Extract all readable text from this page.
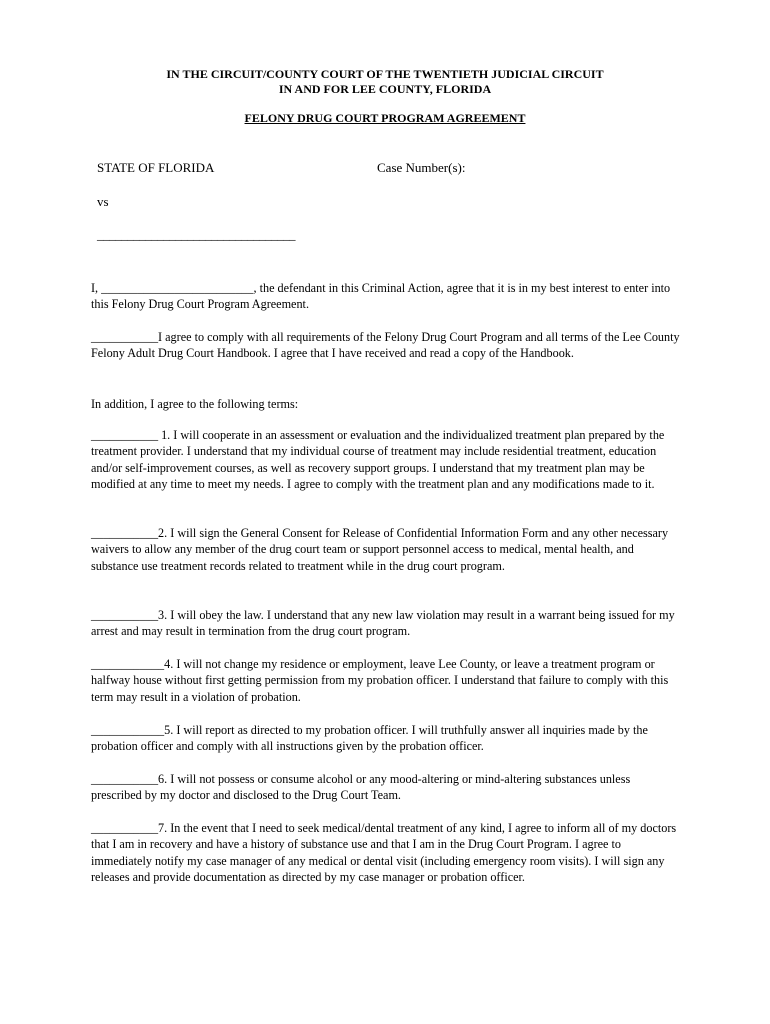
IN THE CIRCUIT/COUNTY COURT OF THE TWENTIETH JUDICIAL CIRCUIT
IN AND FOR LEE COUNTY, FLORIDA
FELONY DRUG COURT PROGRAM AGREEMENT
STATE OF FLORIDA	Case Number(s):
vs
_________________________________

I, _________________________, the defendant in this Criminal Action, agree that it is in my best interest to enter into this Felony Drug Court Program Agreement.

___________I agree to comply with all requirements of the Felony Drug Court Program and all terms of the Lee County Felony Adult Drug Court Handbook. I agree that I have received and read a copy of the Handbook.

In addition, I agree to the following terms:

___________ 1. I will cooperate in an assessment or evaluation and the individualized treatment plan prepared by the treatment provider. I understand that my individual course of treatment may include residential treatment, education and/or self-improvement courses, as well as recovery support groups. I understand that my treatment plan may be modified at any time to meet my needs. I agree to comply with the treatment plan and any modifications made to it.

___________2. I will sign the General Consent for Release of Confidential Information Form and any other necessary waivers to allow any member of the drug court team or support personnel access to medical, mental health, and substance use treatment records related to treatment while in the drug court program.

___________3. I will obey the law. I understand that any new law violation may result in a warrant being issued for my arrest and may result in termination from the drug court program.

____________4. I will not change my residence or employment, leave Lee County, or leave a treatment program or halfway house without first getting permission from my probation officer. I understand that failure to comply with this term may result in a violation of probation.

____________5. I will report as directed to my probation officer. I will truthfully answer all inquiries made by the probation officer and comply with all instructions given by the probation officer.

___________6. I will not possess or consume alcohol or any mood-altering or mind-altering substances unless prescribed by my doctor and disclosed to the Drug Court Team.

___________7. In the event that I need to seek medical/dental treatment of any kind, I agree to inform all of my doctors that I am in recovery and have a history of substance use and that I am in the Drug Court Program. I agree to immediately notify my case manager of any medical or dental visit (including emergency room visits). I will sign any releases and provide documentation as directed by my case manager or probation officer.
